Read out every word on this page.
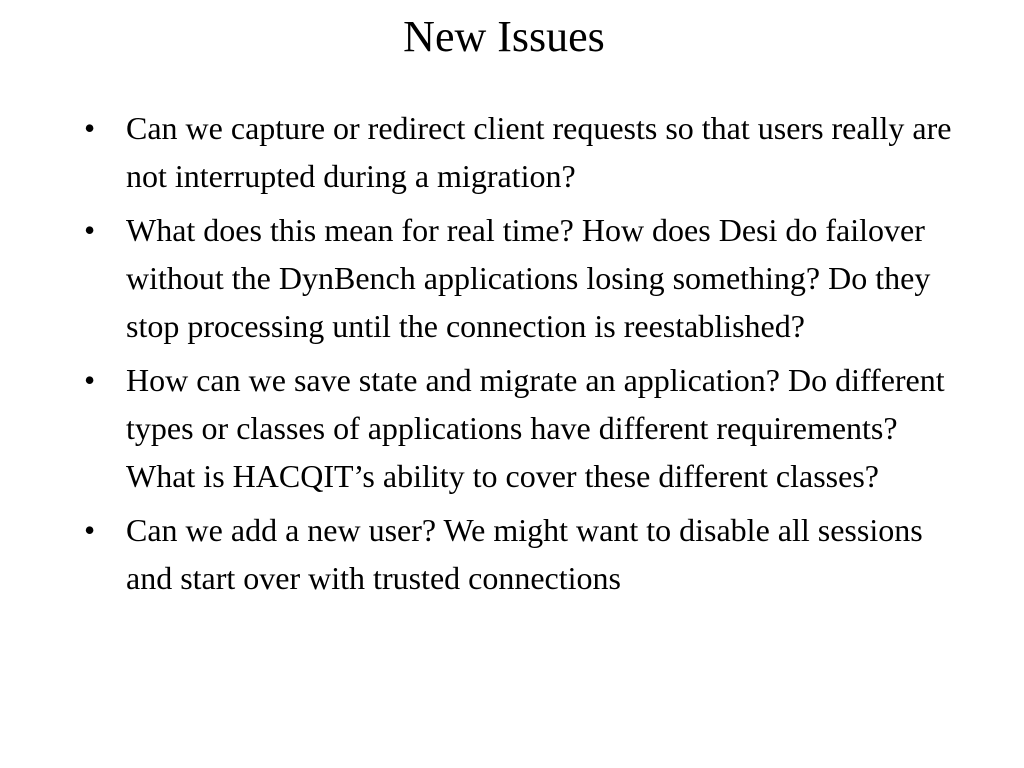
New Issues
• Can we capture or redirect client requests so that users really are not interrupted during a migration?
• What does this mean for real time? How does Desi do failover without the DynBench applications losing something? Do they stop processing until the connection is reestablished?
• How can we save state and migrate an application? Do different types or classes of applications have different requirements? What is HACQIT’s ability to cover these different classes?
• Can we add a new user? We might want to disable all sessions and start over with trusted connections
